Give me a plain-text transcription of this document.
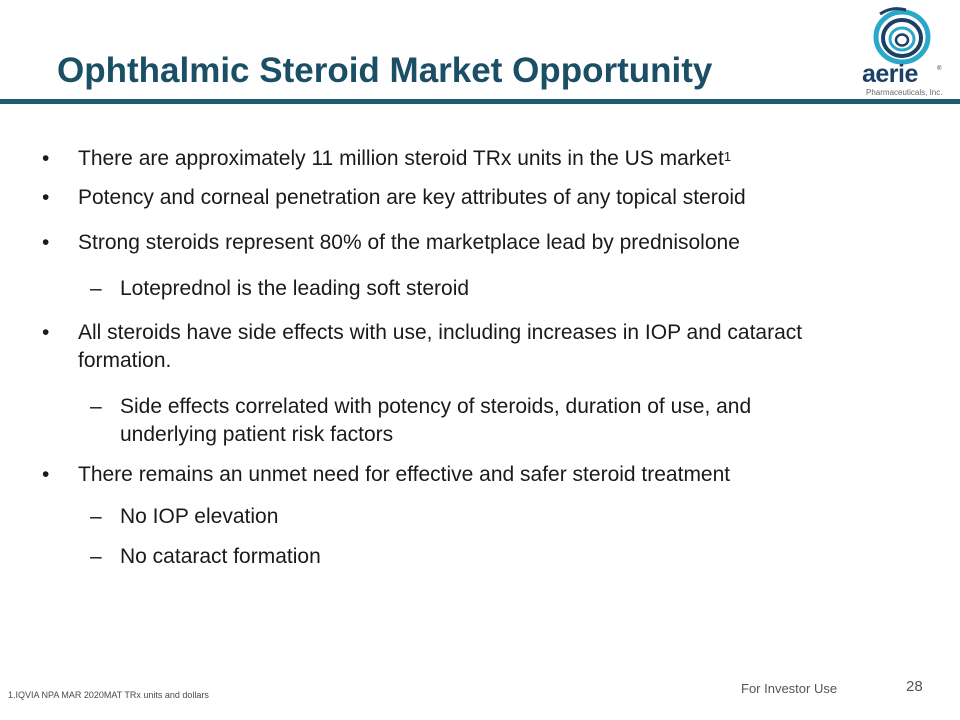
aerie	®
Pharmaceuticals, Inc.
Ophthalmic Steroid Market Opportunity
• There are approximately 11 million steroid TRx units in the US market$^1$
• Potency and corneal penetration are key attributes of any topical steroid
• Strong steroids represent 80% of the marketplace lead by prednisolone
– Loteprednol is the leading soft steroid
• All steroids have side effects with use, including increases in IOP and cataract
formation.
– Side effects correlated with potency of steroids, duration of use, and
underlying patient risk factors
• There remains an unmet need for effective and safer steroid treatment
– No IOP elevation
– No cataract formation
1.IQVIA NPA MAR 2020MAT TRx units and dollars	For Investor Use	28
